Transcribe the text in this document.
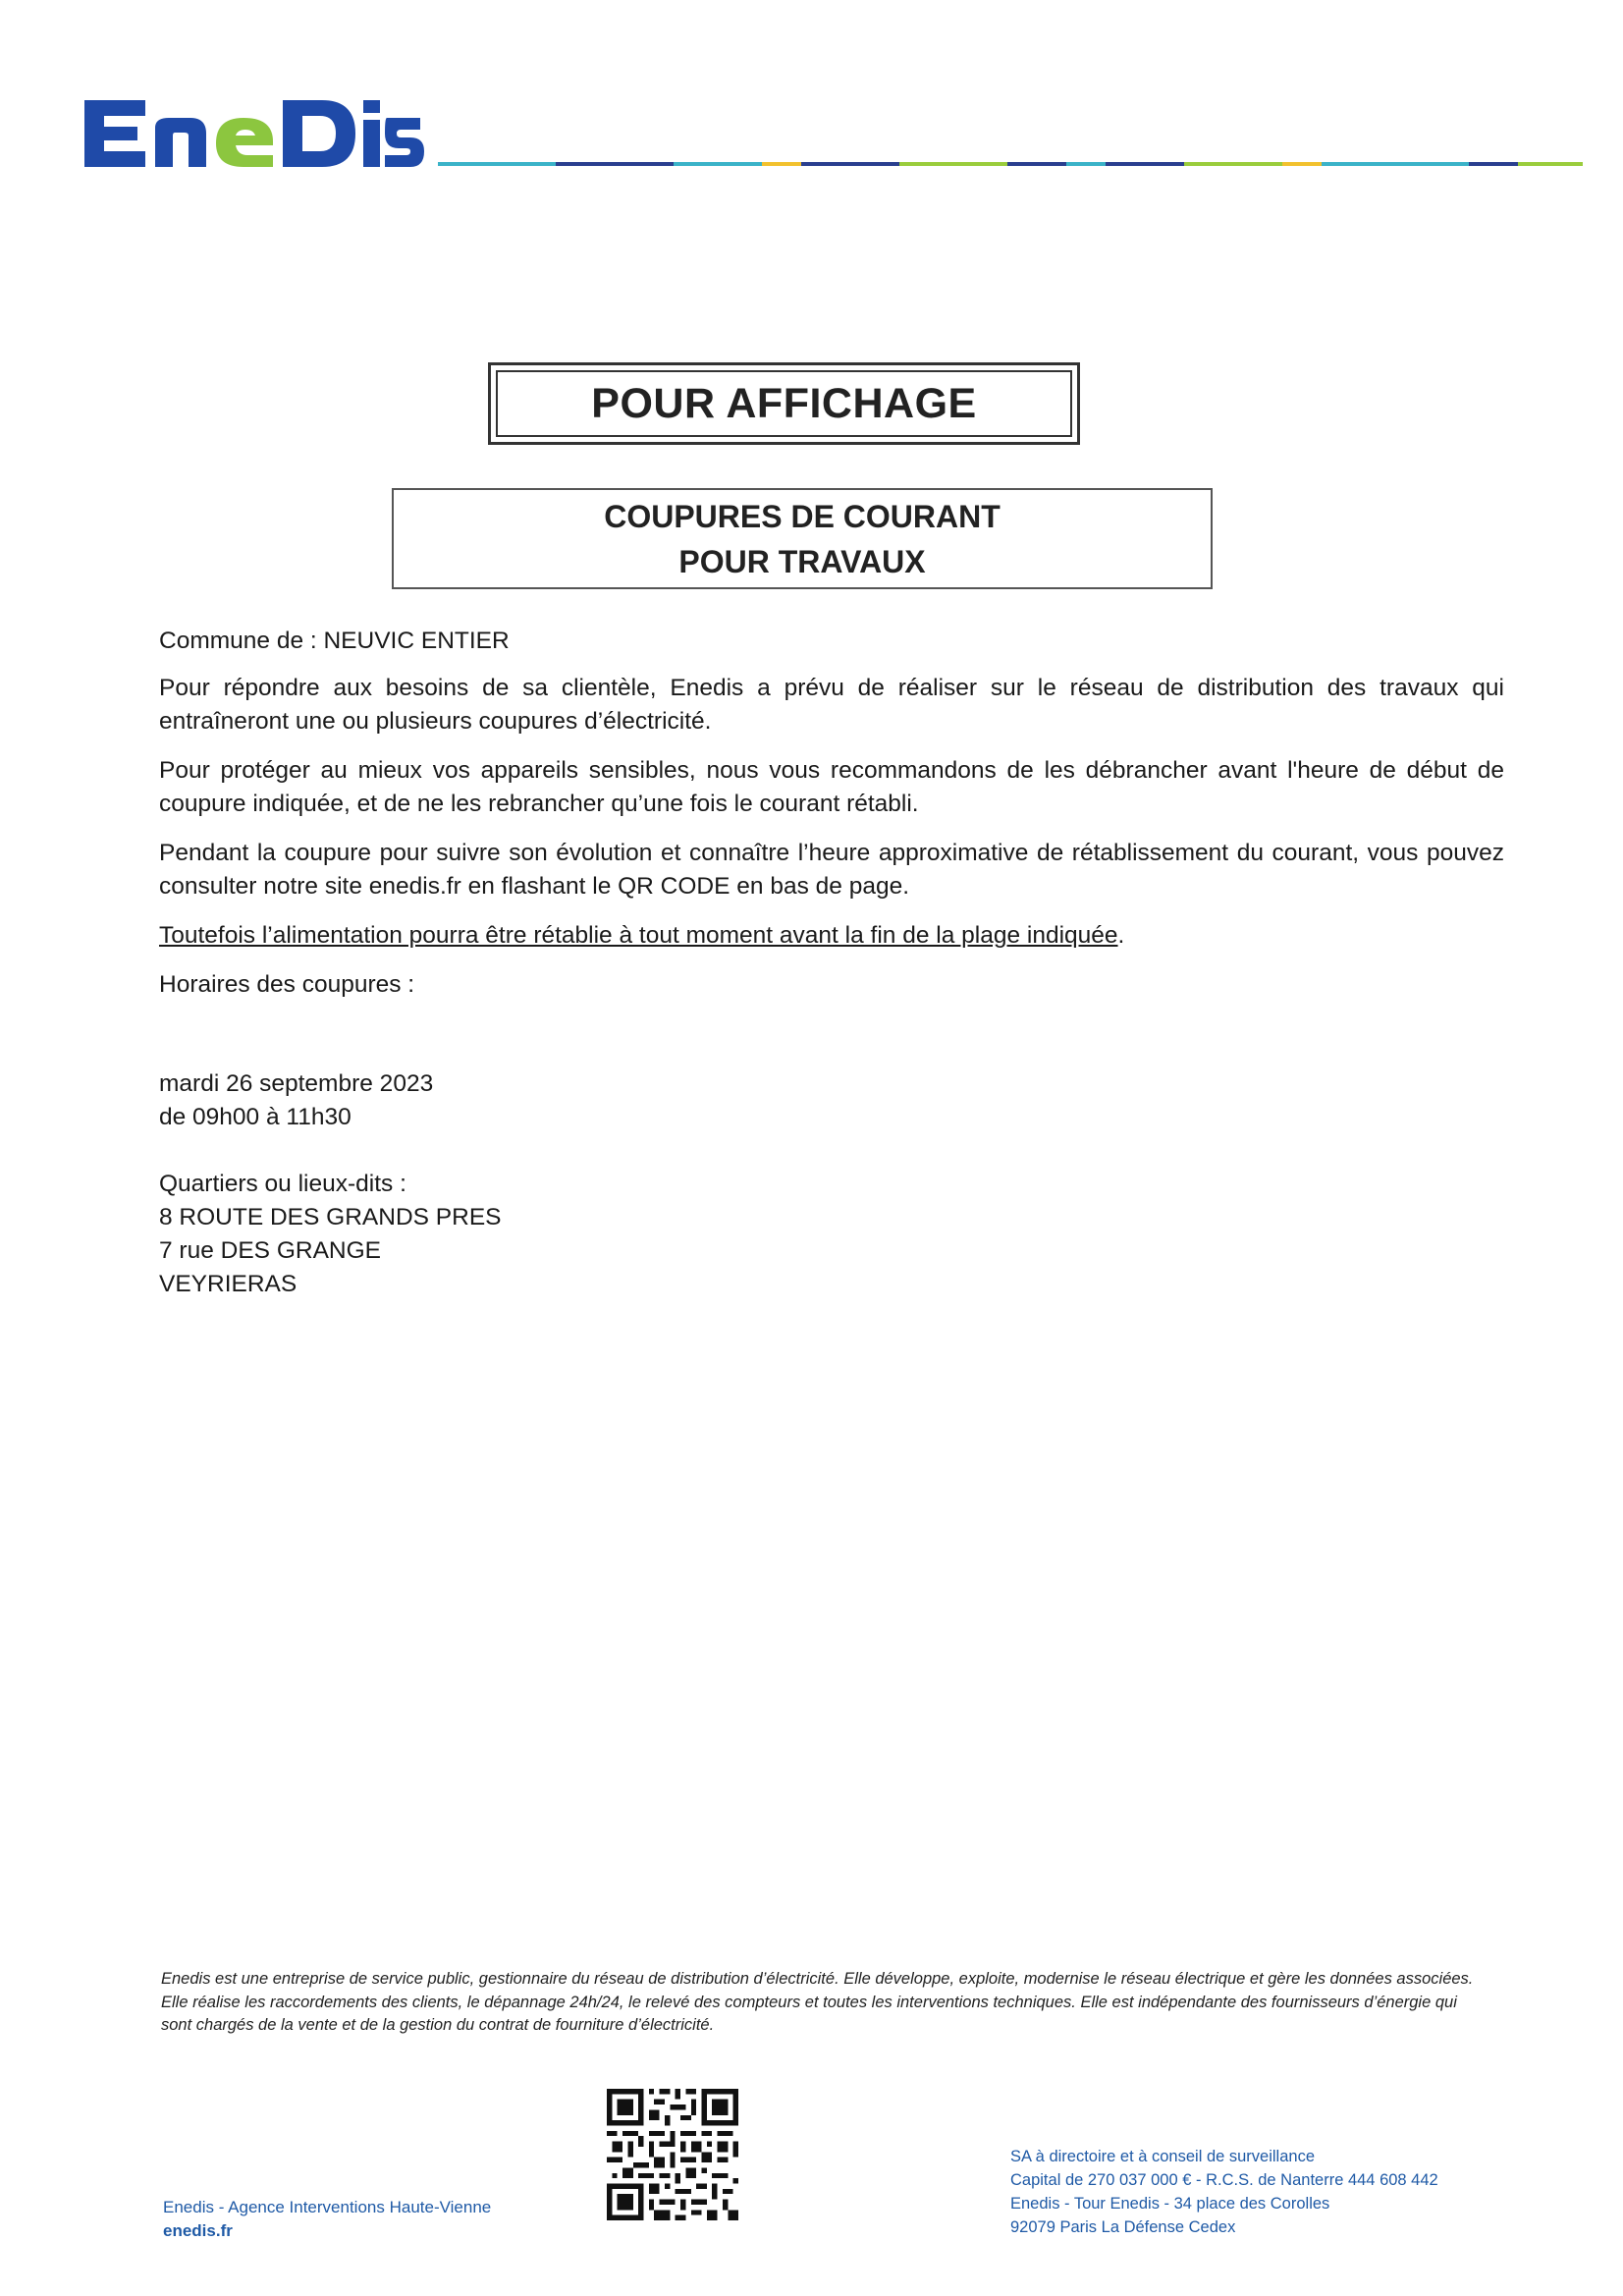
POUR AFFICHAGE
COUPURES DE COURANT
POUR TRAVAUX

Commune de : NEUVIC ENTIER

Pour répondre aux besoins de sa clientèle, Enedis a prévu de réaliser sur le réseau de distribution des travaux qui entraîneront une ou plusieurs coupures d’électricité.

Pour protéger au mieux vos appareils sensibles, nous vous recommandons de les débrancher avant l'heure de début de coupure indiquée, et de ne les rebrancher qu’une fois le courant rétabli.

Pendant la coupure pour suivre son évolution et connaître l’heure approximative de rétablissement du courant, vous pouvez consulter notre site enedis.fr en flashant le QR CODE en bas de page.

Toutefois l’alimentation pourra être rétablie à tout moment avant la fin de la plage indiquée.

Horaires des coupures :

mardi 26 septembre 2023

de 09h00 à 11h30

Quartiers ou lieux-dits :

8 ROUTE DES GRANDS PRES

7 rue DES GRANGE

VEYRIERAS

Enedis est une entreprise de service public, gestionnaire du réseau de distribution d’électricité. Elle développe, exploite, modernise le réseau électrique et gère les données associées. Elle réalise les raccordements des clients, le dépannage 24h/24, le relevé des compteurs et toutes les interventions techniques. Elle est indépendante des fournisseurs d’énergie qui sont chargés de la vente et de la gestion du contrat de fourniture d’électricité.
Enedis - Agence Interventions Haute-Vienne
enedis.fr
SA à directoire et à conseil de surveillance
Capital de 270 037 000 € - R.C.S. de Nanterre 444 608 442
Enedis - Tour Enedis - 34 place des Corolles
92079 Paris La Défense Cedex
